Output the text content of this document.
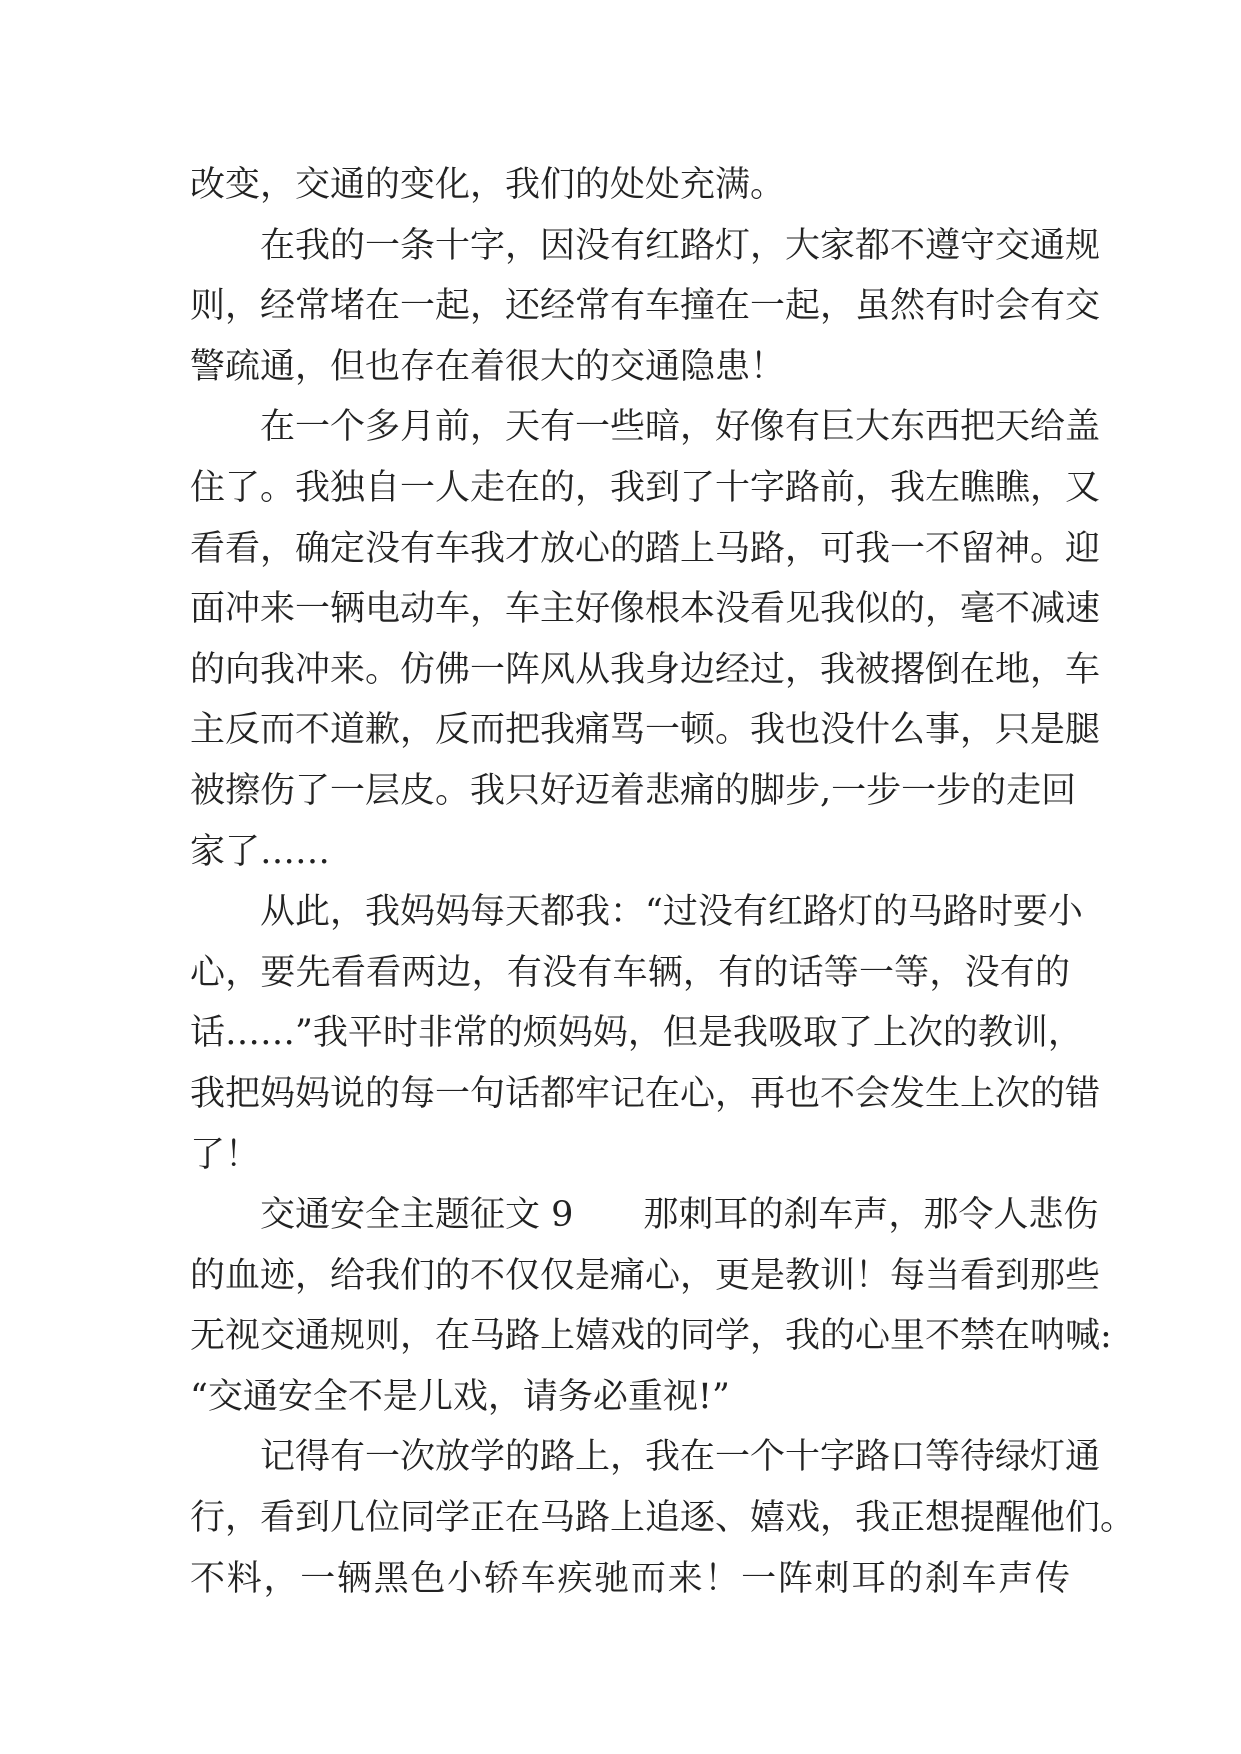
改变，交通的变化，我们的处处充满。
在我的一条十字，因没有红路灯，大家都不遵守交通规
则，经常堵在一起，还经常有车撞在一起，虽然有时会有交
警疏通，但也存在着很大的交通隐患！
在一个多月前，天有一些暗，好像有巨大东西把天给盖
住了。我独自一人走在的，我到了十字路前，我左瞧瞧，又
看看，确定没有车我才放心的踏上马路，可我一不留神。迎
面冲来一辆电动车，车主好像根本没看见我似的，毫不减速
的向我冲来。仿佛一阵风从我身边经过，我被撂倒在地，车
主反而不道歉，反而把我痛骂一顿。我也没什么事，只是腿
被擦伤了一层皮。我只好迈着悲痛的脚步,一步一步的走回
家了……
从此，我妈妈每天都我：“过没有红路灯的马路时要小
心，要先看看两边，有没有车辆，有的话等一等，没有的
话……”我平时非常的烦妈妈，但是我吸取了上次的教训，
我把妈妈说的每一句话都牢记在心，再也不会发生上次的错
了！
交通安全主题征文 9　　那刺耳的刹车声，那令人悲伤
的血迹，给我们的不仅仅是痛心，更是教训！每当看到那些
无视交通规则，在马路上嬉戏的同学，我的心里不禁在呐喊:
“交通安全不是儿戏，请务必重视!”
记得有一次放学的路上，我在一个十字路口等待绿灯通
行，看到几位同学正在马路上追逐、嬉戏，我正想提醒他们。
不料，一辆黑色小轿车疾驰而来！一阵刺耳的刹车声传
